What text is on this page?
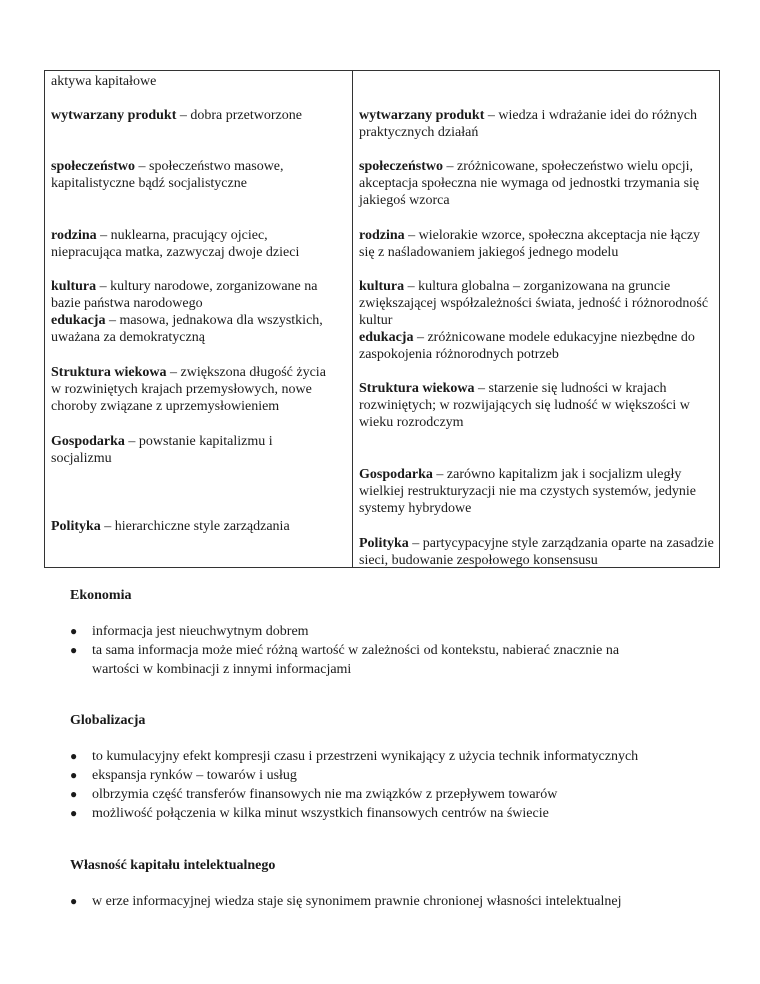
aktywa kapitałowe
wytwarzany produkt – dobra przetworzone
społeczeństwo – społeczeństwo masowe,
kapitalistyczne bądź socjalistyczne
rodzina – nuklearna, pracujący ojciec,
niepracująca matka, zazwyczaj dwoje dzieci
kultura – kultury narodowe, zorganizowane na
bazie państwa narodowego
edukacja – masowa, jednakowa dla wszystkich,
uważana za demokratyczną
Struktura wiekowa – zwiększona długość życia
w rozwiniętych krajach przemysłowych, nowe
choroby związane z uprzemysłowieniem
Gospodarka – powstanie kapitalizmu i
socjalizmu
Polityka – hierarchiczne style zarządzania
wytwarzany produkt – wiedza i wdrażanie idei do różnych
praktycznych działań
społeczeństwo – zróżnicowane, społeczeństwo wielu opcji,
akceptacja społeczna nie wymaga od jednostki trzymania się
jakiegoś wzorca
rodzina – wielorakie wzorce, społeczna akceptacja nie łączy
się z naśladowaniem jakiegoś jednego modelu
kultura – kultura globalna – zorganizowana na gruncie
zwiększającej współzależności świata, jedność i różnorodność
kultur
edukacja – zróżnicowane modele edukacyjne niezbędne do
zaspokojenia różnorodnych potrzeb
Struktura wiekowa – starzenie się ludności w krajach
rozwiniętych; w rozwijających się ludność w większości w
wieku rozrodczym
Gospodarka – zarówno kapitalizm jak i socjalizm uległy
wielkiej restrukturyzacji nie ma czystych systemów, jedynie
systemy hybrydowe
Polityka – partycypacyjne style zarządzania oparte na zasadzie
sieci, budowanie zespołowego konsensusu
Ekonomia
● informacja jest nieuchwytnym dobrem
● ta sama informacja może mieć różną wartość w zależności od kontekstu, nabierać znacznie na
wartości w kombinacji z innymi informacjami
Globalizacja
● to kumulacyjny efekt kompresji czasu i przestrzeni wynikający z użycia technik informatycznych
● ekspansja rynków – towarów i usług
● olbrzymia część transferów finansowych nie ma związków z przepływem towarów
● możliwość połączenia w kilka minut wszystkich finansowych centrów na świecie
Własność kapitału intelektualnego
● w erze informacyjnej wiedza staje się synonimem prawnie chronionej własności intelektualnej
